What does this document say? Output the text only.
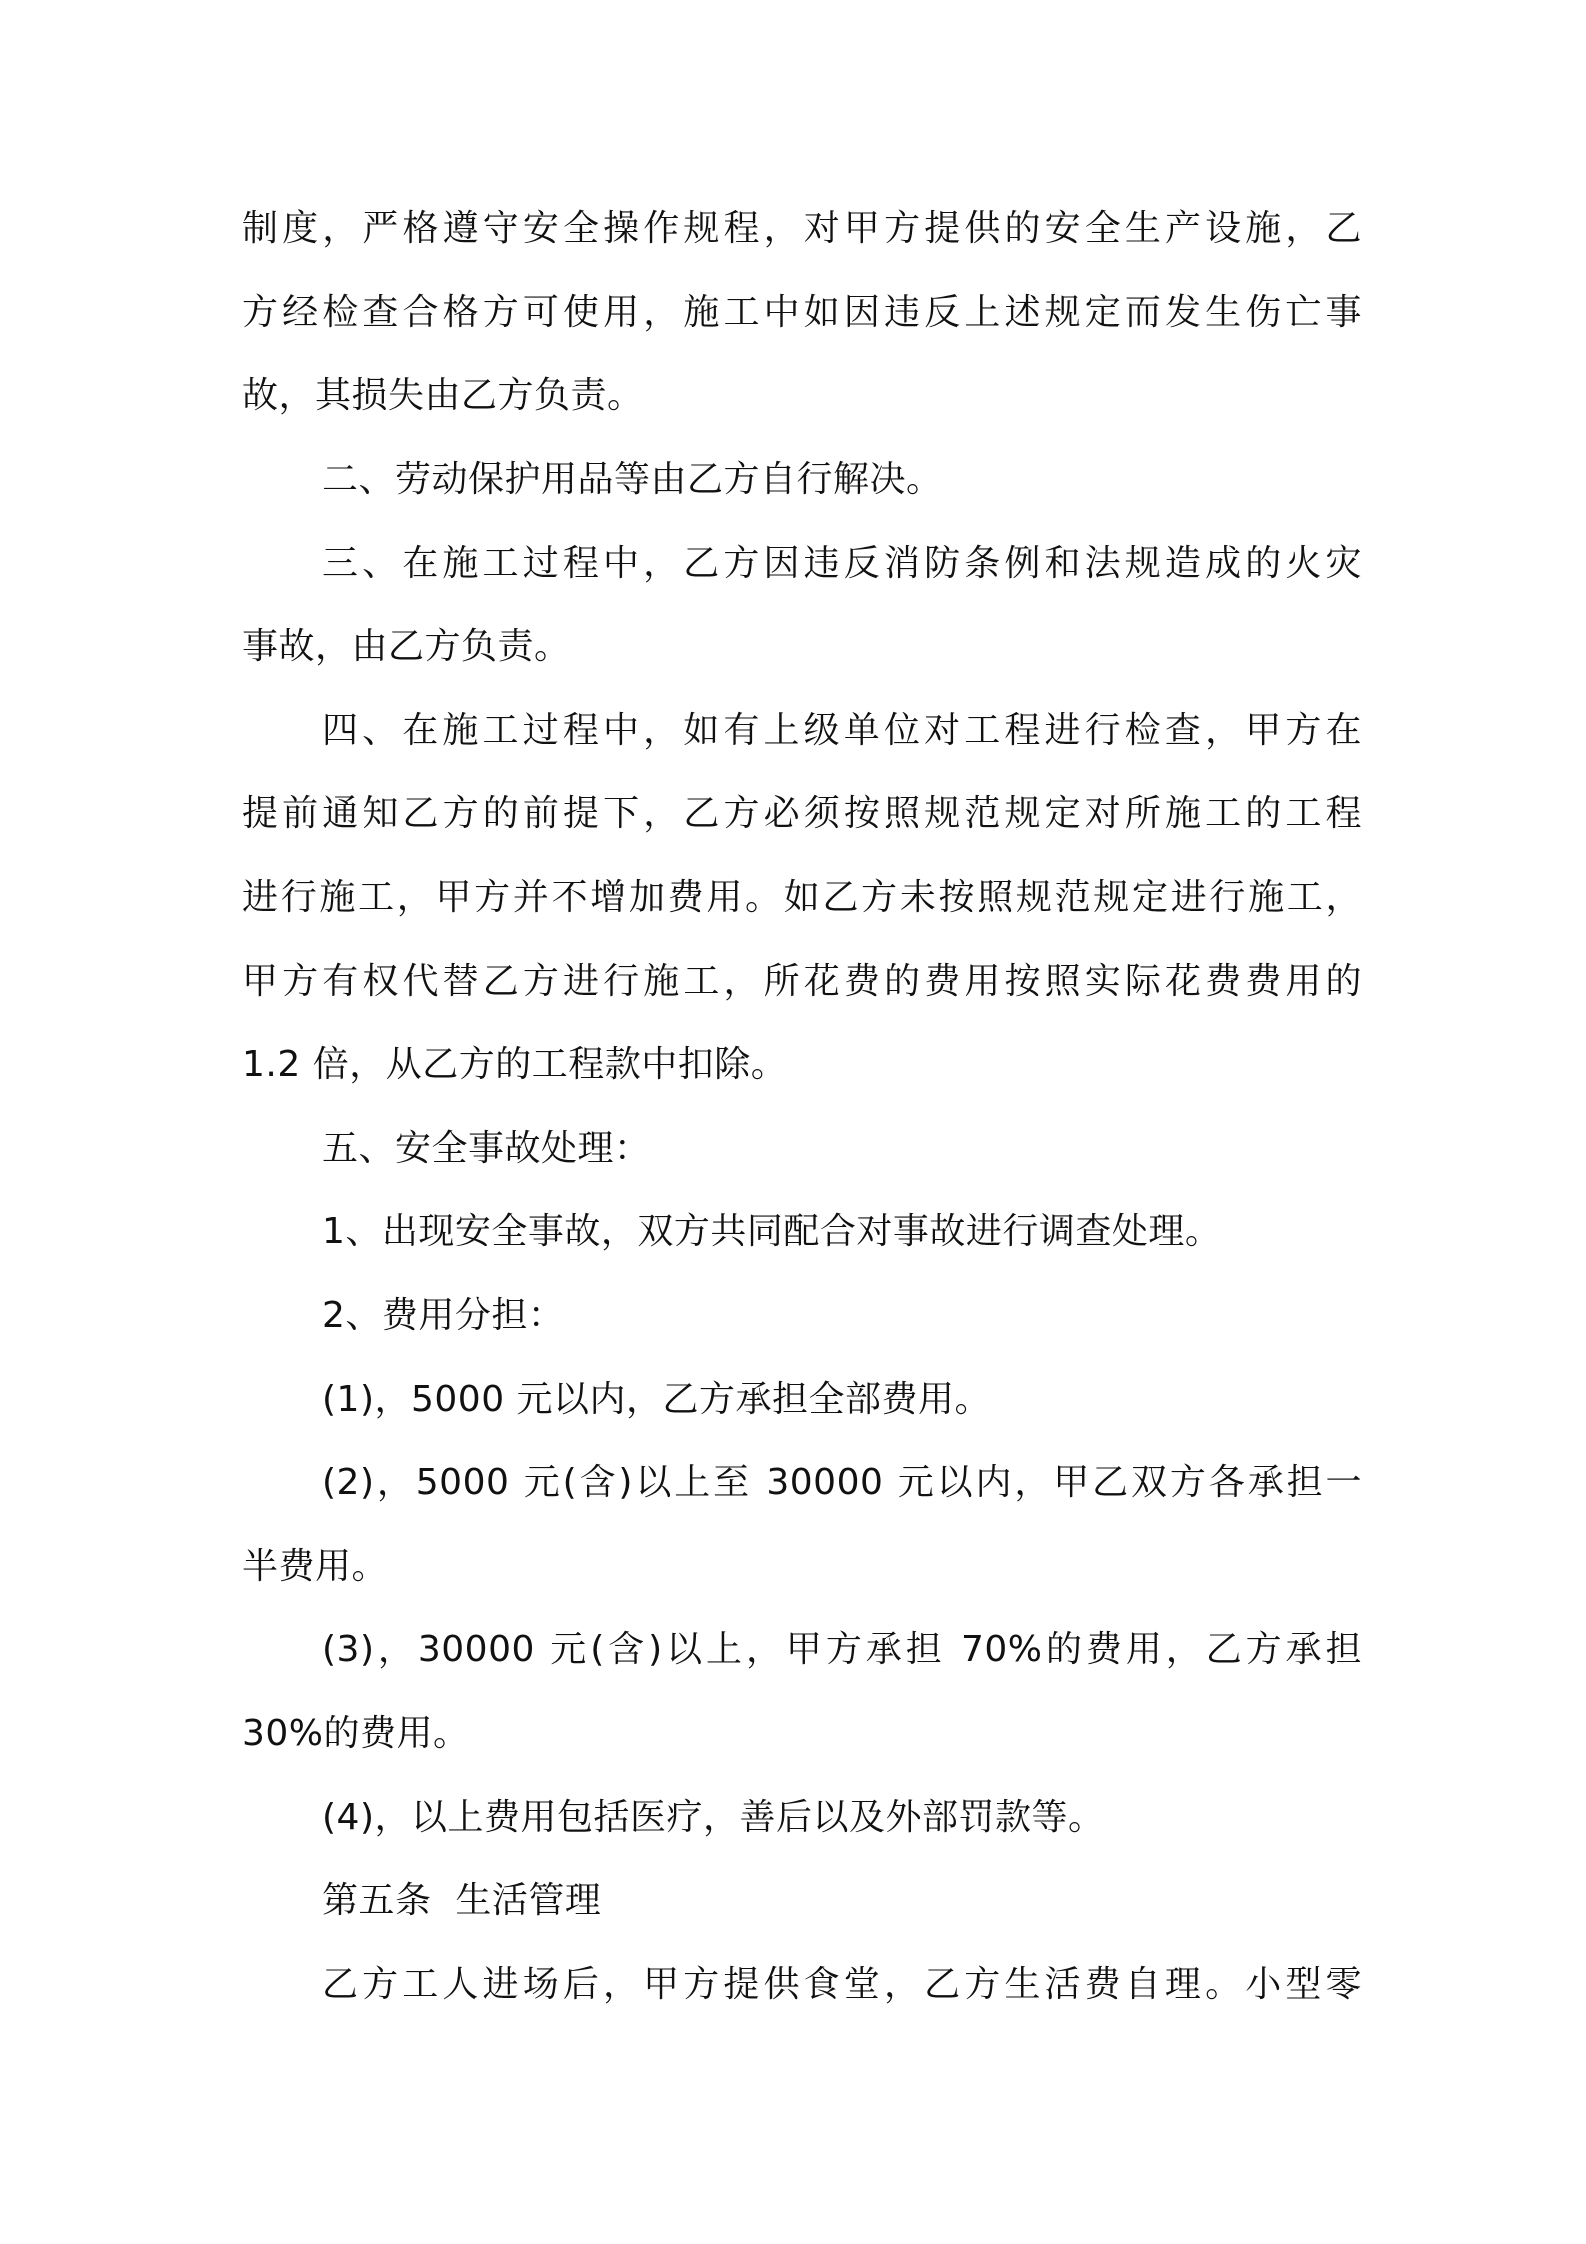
制度，严格遵守安全操作规程，对甲方提供的安全生产设施，乙
方经检查合格方可使用，施工中如因违反上述规定而发生伤亡事
故，其损失由乙方负责。
二、劳动保护用品等由乙方自行解决。
三、在施工过程中，乙方因违反消防条例和法规造成的火灾
事故，由乙方负责。
四、在施工过程中，如有上级单位对工程进行检查，甲方在
提前通知乙方的前提下，乙方必须按照规范规定对所施工的工程
进行施工，甲方并不增加费用。如乙方未按照规范规定进行施工，
甲方有权代替乙方进行施工，所花费的费用按照实际花费费用的
1.2 倍，从乙方的工程款中扣除。
五、安全事故处理：
1、出现安全事故，双方共同配合对事故进行调查处理。
2、费用分担：
(1)，5000 元以内，乙方承担全部费用。
(2)，5000 元(含)以上至 30000 元以内，甲乙双方各承担一
半费用。
(3)，30000 元(含)以上，甲方承担 70%的费用，乙方承担
30%的费用。
(4)，以上费用包括医疗，善后以及外部罚款等。
第五条  生活管理
乙方工人进场后，甲方提供食堂，乙方生活费自理。小型零
